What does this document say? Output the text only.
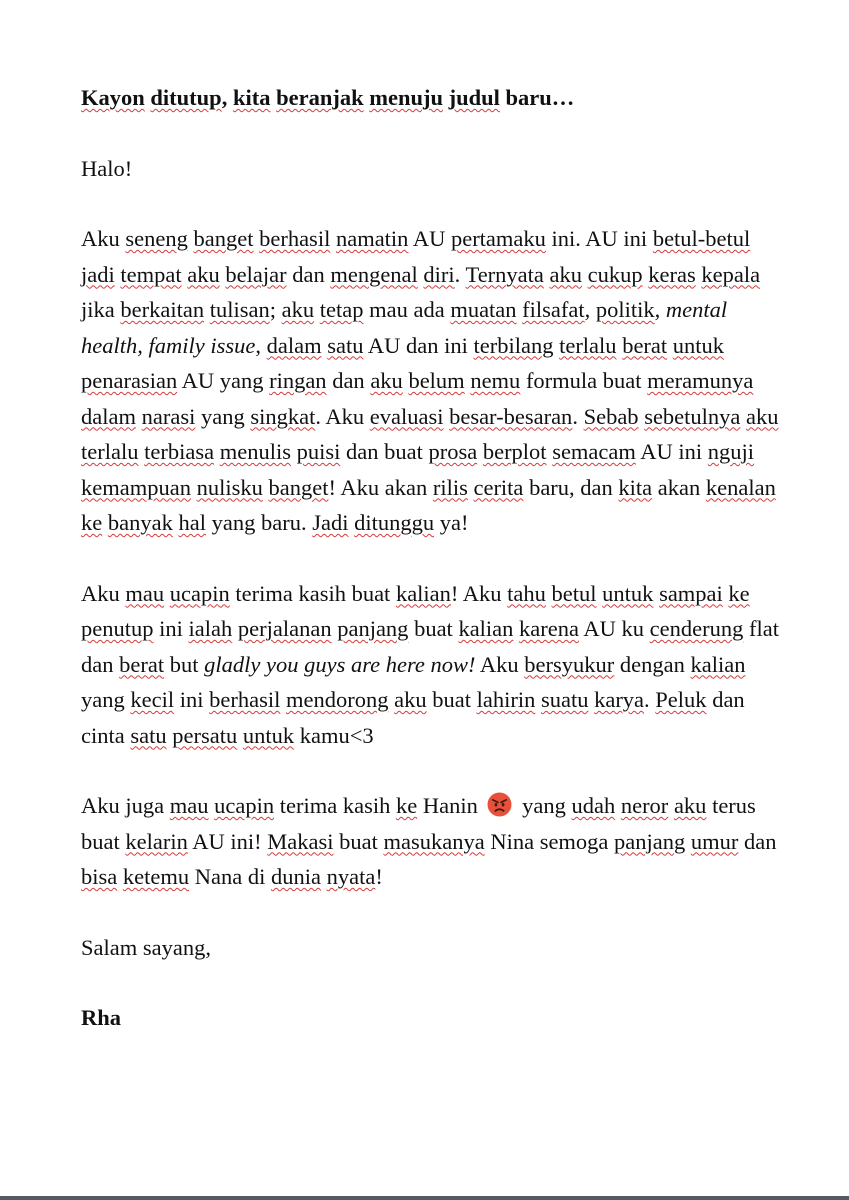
Kayon ditutup, kita beranjak menuju judul baru…

Halo!

Aku seneng banget berhasil namatin AU pertamaku ini. AU ini betul-betul jadi tempat aku belajar dan mengenal diri. Ternyata aku cukup keras kepala jika berkaitan tulisan; aku tetap mau ada muatan filsafat, politik, mental health, family issue, dalam satu AU dan ini terbilang terlalu berat untuk penarasian AU yang ringan dan aku belum nemu formula buat meramunya dalam narasi yang singkat. Aku evaluasi besar-besaran. Sebab sebetulnya aku terlalu terbiasa menulis puisi dan buat prosa berplot semacam AU ini nguji kemampuan nulisku banget! Aku akan rilis cerita baru, dan kita akan kenalan ke banyak hal yang baru. Jadi ditunggu ya!

Aku mau ucapin terima kasih buat kalian! Aku tahu betul untuk sampai ke penutup ini ialah perjalanan panjang buat kalian karena AU ku cenderung flat dan berat but gladly you guys are here now! Aku bersyukur dengan kalian yang kecil ini berhasil mendorong aku buat lahirin suatu karya. Peluk dan cinta satu persatu untuk kamu<3

Aku juga mau ucapin terima kasih ke Hanin
yang udah neror aku terus buat kelarin AU ini! Makasi buat masukanya Nina semoga panjang umur dan bisa ketemu Nana di dunia nyata!

Salam sayang,

Rha
